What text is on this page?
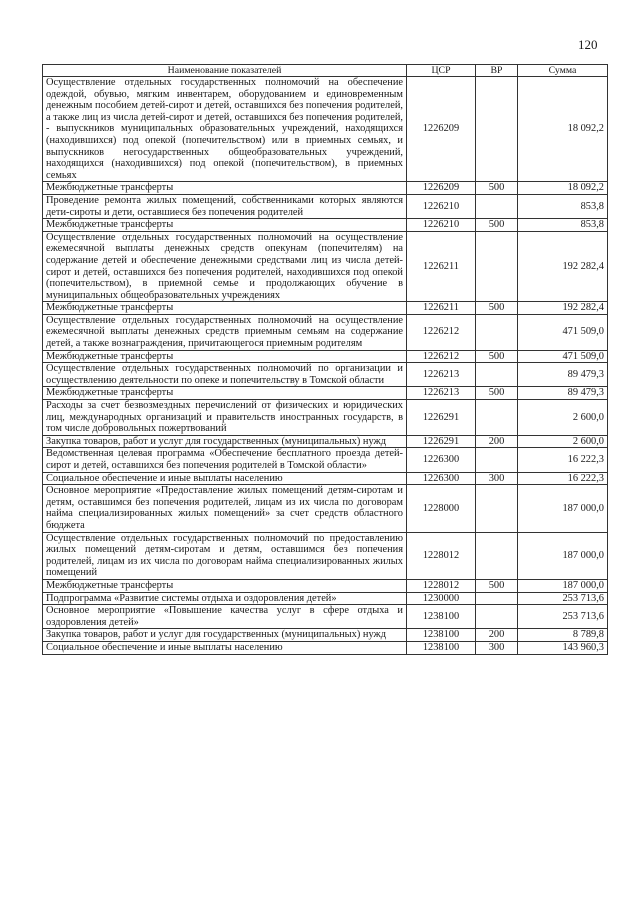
120
Наименование показателей	ЦСР	ВР	Сумма
Осуществление отдельных государственных полномочий на обеспечение одеждой, обувью, мягким инвентарем, оборудованием и единовременным денежным пособием детей-сирот и детей, оставшихся без попечения родителей, а также лиц из числа детей-сирот и детей, оставшихся без попечения родителей, - выпускников муниципальных образовательных учреждений, находящихся (находившихся) под опекой (попечительством) или в приемных семьях, и выпускников негосударственных общеобразовательных учреждений, находящихся (находившихся) под опекой (попечительством), в приемных семьях	1226209		18 092,2
Межбюджетные трансферты	1226209	500	18 092,2
Проведение ремонта жилых помещений, собственниками которых являются дети-сироты и дети, оставшиеся без попечения родителей	1226210		853,8
Межбюджетные трансферты	1226210	500	853,8
Осуществление отдельных государственных полномочий на осуществление ежемесячной выплаты денежных средств опекунам (попечителям) на содержание детей и обеспечение денежными средствами лиц из числа детей-сирот и детей, оставшихся без попечения родителей, находившихся под опекой (попечительством), в приемной семье и продолжающих обучение в муниципальных общеобразовательных учреждениях	1226211		192 282,4
Межбюджетные трансферты	1226211	500	192 282,4
Осуществление отдельных государственных полномочий на осуществление ежемесячной выплаты денежных средств приемным семьям на содержание детей, а также вознаграждения, причитающегося приемным родителям	1226212		471 509,0
Межбюджетные трансферты	1226212	500	471 509,0
Осуществление отдельных государственных полномочий по организации и осуществлению деятельности по опеке и попечительству в Томской области	1226213		89 479,3
Межбюджетные трансферты	1226213	500	89 479,3
Расходы за счет безвозмездных перечислений от физических и юридических лиц, международных организаций и правительств иностранных государств, в том числе добровольных пожертвований	1226291		2 600,0
Закупка товаров, работ и услуг для государственных (муниципальных) нужд	1226291	200	2 600,0
Ведомственная целевая программа «Обеспечение бесплатного проезда детей-сирот и детей, оставшихся без попечения родителей в Томской области»	1226300		16 222,3
Социальное обеспечение и иные выплаты населению	1226300	300	16 222,3
Основное мероприятие «Предоставление жилых помещений детям-сиротам и детям, оставшимся без попечения родителей, лицам из их числа по договорам найма специализированных жилых помещений» за счет средств областного бюджета	1228000		187 000,0
Осуществление отдельных государственных полномочий по предоставлению жилых помещений детям-сиротам и детям, оставшимся без попечения родителей, лицам из их числа по договорам найма специализированных жилых помещений	1228012		187 000,0
Межбюджетные трансферты	1228012	500	187 000,0
Подпрограмма «Развитие системы отдыха и оздоровления детей»	1230000		253 713,6
Основное мероприятие «Повышение качества услуг в сфере отдыха и оздоровления детей»	1238100		253 713,6
Закупка товаров, работ и услуг для государственных (муниципальных) нужд	1238100	200	8 789,8
Социальное обеспечение и иные выплаты населению	1238100	300	143 960,3
